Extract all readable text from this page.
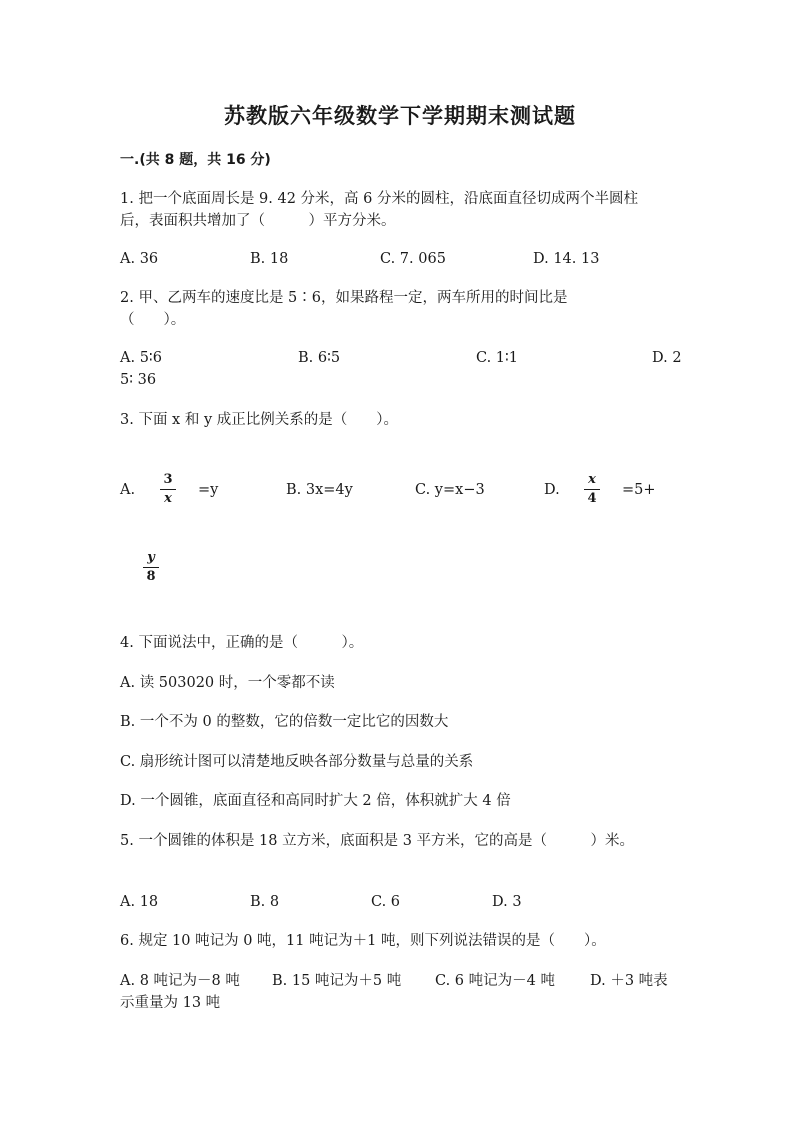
苏教版六年级数学下学期期末测试题
一.(共 8 题，共 16 分)
1. 把一个底面周长是 9. 42 分米，高 6 分米的圆柱，沿底面直径切成两个半圆柱
后，表面积共增加了（　　　）平方分米。
A. 36	B. 18	C. 7. 065	D. 14. 13
2. 甲、乙两车的速度比是 5∶6，如果路程一定，两车所用的时间比是
（　　）。
A. 5∶6	B. 6∶5	C. 1∶1	D. 2
5∶ 36
3. 下面 x 和 y 成正比例关系的是（　　）。
A.
3
x
=y	B. 3x=4y	C. y=x−3	D.
x
4
=5+
y
8
4. 下面说法中，正确的是（　　　）。
A. 读 503020 时，一个零都不读
B. 一个不为 0 的整数，它的倍数一定比它的因数大
C. 扇形统计图可以清楚地反映各部分数量与总量的关系
D. 一个圆锥，底面直径和高同时扩大 2 倍，体积就扩大 4 倍
5. 一个圆锥的体积是 18 立方米，底面积是 3 平方米，它的高是（　　　）米。
A. 18	B. 8	C. 6	D. 3
6. 规定 10 吨记为 0 吨，11 吨记为＋1 吨，则下列说法错误的是（　　）。
A. 8 吨记为－8 吨 B. 15 吨记为＋5 吨 C. 6 吨记为－4 吨 D. ＋3 吨表
示重量为 13 吨
